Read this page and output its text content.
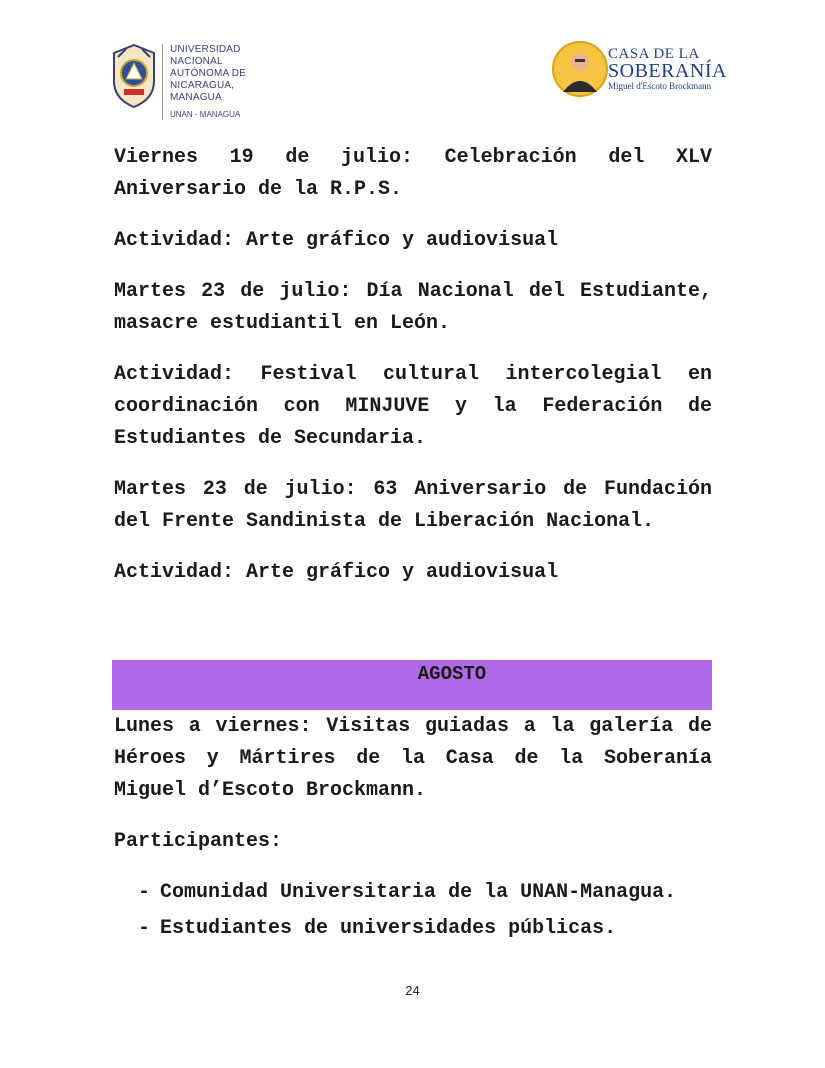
UNIVERSIDAD
NACIONAL
AUTÓNOMA DE
NICARAGUA,
MANAGUA
UNAN - MANAGUA
CASA DE LA
SOBERANÍA
Miguel d'Escoto Brockmann

Viernes 19 de julio: Celebración del XLV Aniversario de la R.P.S.

Actividad: Arte gráfico y audiovisual

Martes 23 de julio: Día Nacional del Estudiante, masacre estudiantil en León.

Actividad: Festival cultural intercolegial en coordinación con MINJUVE y la Federación de Estudiantes de Secundaria.

Martes 23 de julio: 63 Aniversario de Fundación del Frente Sandinista de Liberación Nacional.

Actividad: Arte gráfico y audiovisual

AGOSTO

Lunes a viernes: Visitas guiadas a la galería de Héroes y Mártires de la Casa de la Soberanía Miguel d’Escoto Brockmann.

Participantes:

- Comunidad Universitaria de la UNAN-Managua.
- Estudiantes de universidades públicas.
24
